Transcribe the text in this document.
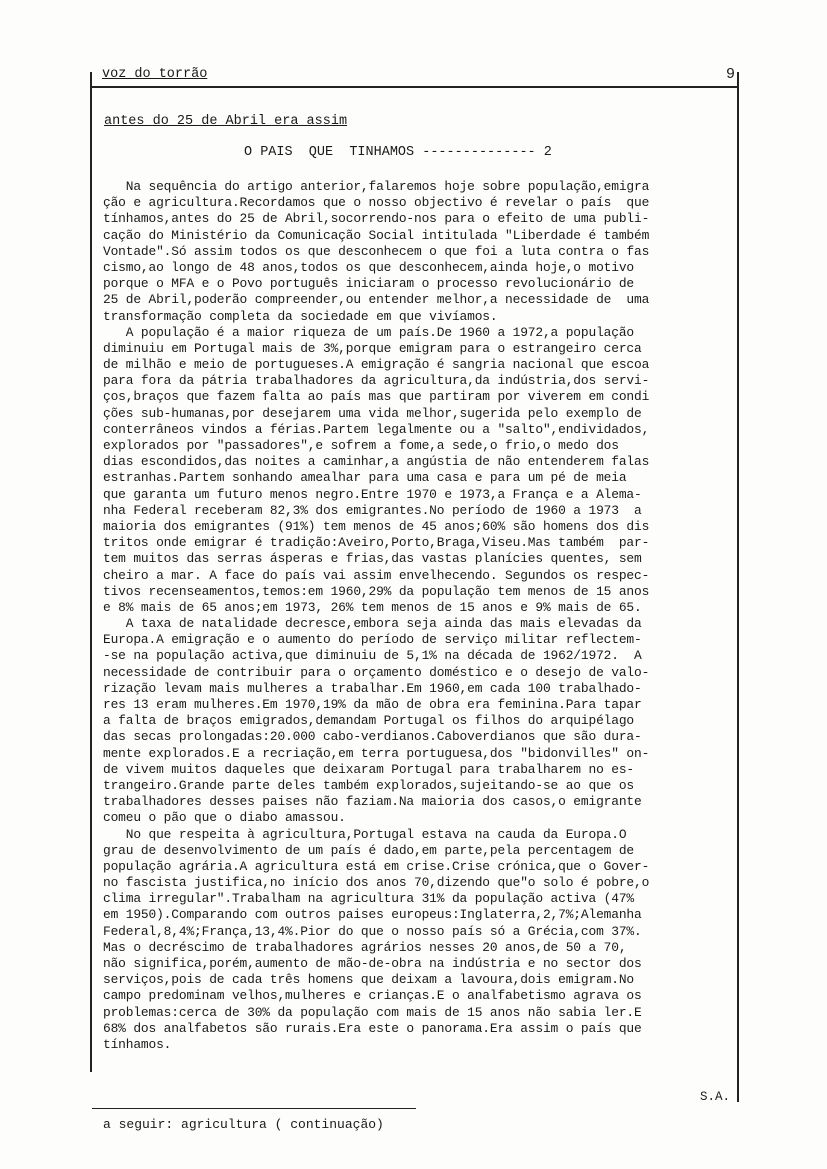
voz do torrão	9
antes do 25 de Abril era assim
O PAIS  QUE  TINHAMOS -------------- 2
Na sequência do artigo anterior,falaremos hoje sobre população,emigra
ção e agricultura.Recordamos que o nosso objectivo é revelar o país  que
tínhamos,antes do 25 de Abril,socorrendo-nos para o efeito de uma publi-
cação do Ministério da Comunicação Social intitulada "Liberdade é também
Vontade".Só assim todos os que desconhecem o que foi a luta contra o fas
cismo,ao longo de 48 anos,todos os que desconhecem,ainda hoje,o motivo
porque o MFA e o Povo português iniciaram o processo revolucionário de
25 de Abril,poderão compreender,ou entender melhor,a necessidade de  uma
transformação completa da sociedade em que vivíamos.
A população é a maior riqueza de um país.De 1960 a 1972,a população
diminuiu em Portugal mais de 3%,porque emigram para o estrangeiro cerca
de milhão e meio de portugueses.A emigração é sangria nacional que escoa
para fora da pátria trabalhadores da agricultura,da indústria,dos servi-
ços,braços que fazem falta ao país mas que partiram por viverem em condi
ções sub-humanas,por desejarem uma vida melhor,sugerida pelo exemplo de
conterrâneos vindos a férias.Partem legalmente ou a "salto",endividados,
explorados por "passadores",e sofrem a fome,a sede,o frio,o medo dos
dias escondidos,das noites a caminhar,a angústia de não entenderem falas
estranhas.Partem sonhando amealhar para uma casa e para um pé de meia
que garanta um futuro menos negro.Entre 1970 e 1973,a França e a Alema-
nha Federal receberam 82,3% dos emigrantes.No período de 1960 a 1973  a
maioria dos emigrantes (91%) tem menos de 45 anos;60% são homens dos dis
tritos onde emigrar é tradição:Aveiro,Porto,Braga,Viseu.Mas também  par-
tem muitos das serras ásperas e frias,das vastas planícies quentes, sem
cheiro a mar. A face do país vai assim envelhecendo. Segundos os respec-
tivos recenseamentos,temos:em 1960,29% da população tem menos de 15 anos
e 8% mais de 65 anos;em 1973, 26% tem menos de 15 anos e 9% mais de 65.
A taxa de natalidade decresce,embora seja ainda das mais elevadas da
Europa.A emigração e o aumento do período de serviço militar reflectem-
-se na população activa,que diminuiu de 5,1% na década de 1962/1972.  A
necessidade de contribuir para o orçamento doméstico e o desejo de valo-
rização levam mais mulheres a trabalhar.Em 1960,em cada 100 trabalhado-
res 13 eram mulheres.Em 1970,19% da mão de obra era feminina.Para tapar
a falta de braços emigrados,demandam Portugal os filhos do arquipélago
das secas prolongadas:20.000 cabo-verdianos.Caboverdianos que são dura-
mente explorados.E a recriação,em terra portuguesa,dos "bidonvilles" on-
de vivem muitos daqueles que deixaram Portugal para trabalharem no es-
trangeiro.Grande parte deles também explorados,sujeitando-se ao que os
trabalhadores desses paises não faziam.Na maioria dos casos,o emigrante
comeu o pão que o diabo amassou.
No que respeita à agricultura,Portugal estava na cauda da Europa.O
grau de desenvolvimento de um país é dado,em parte,pela percentagem de
população agrária.A agricultura está em crise.Crise crónica,que o Gover-
no fascista justifica,no início dos anos 70,dizendo que"o solo é pobre,o
clima irregular".Trabalham na agricultura 31% da população activa (47%
em 1950).Comparando com outros paises europeus:Inglaterra,2,7%;Alemanha
Federal,8,4%;França,13,4%.Pior do que o nosso país só a Grécia,com 37%.
Mas o decréscimo de trabalhadores agrários nesses 20 anos,de 50 a 70,
não significa,porém,aumento de mão-de-obra na indústria e no sector dos
serviços,pois de cada três homens que deixam a lavoura,dois emigram.No
campo predominam velhos,mulheres e crianças.E o analfabetismo agrava os
problemas:cerca de 30% da população com mais de 15 anos não sabia ler.E
68% dos analfabetos são rurais.Era este o panorama.Era assim o país que
tínhamos.
S.A.
a seguir: agricultura ( continuação)
